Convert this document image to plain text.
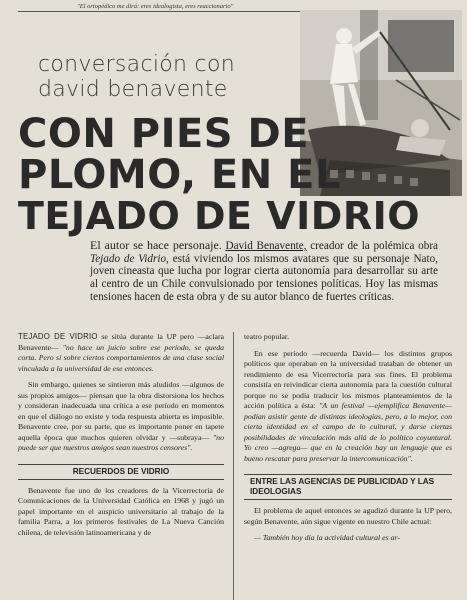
"El ortopédico me dirá: eres idealogista, eres reaccionario"
conversación con
david benavente
CON PIES DE
PLOMO, EN EL
TEJADO DE VIDRIO

El autor se hace personaje. David Benavente, creador de la polémica obra Tejado de Vidrio, está viviendo los mismos avatares que su personaje Nato, joven cineasta que lucha por lograr cierta autonomía para desarrollar su arte al centro de un Chile convulsionado por tensiones políticas. Hoy las mismas tensiones hacen de esta obra y de su autor blanco de fuertes críticas.

TEJADO DE VIDRIO se sitúa durante la UP pero —aclara Benavente— "no hace un juicio sobre ese período, se queda corta. Pero sí sobre ciertos comportamientos de una clase social vinculada a la universidad de ese entonces.

Sin embargo, quienes se sintieron más aludidos —algunos de sus propios amigos— piensan que la obra distorsiona los hechos y consideran inadecuada una crítica a ese período en momentos en que el diálogo no existe y toda respuesta abierta es imposible. Benavente cree, por su parte, que es importante poner en tapete aquella época que muchos quieren olvidar y —subraya— "no puede ser que nuestros amigos sean nuestros censores".

RECUERDOS DE VIDRIO

Benavente fue uno de los creadores de la Vicerrectoría de Comunicaciones de la Universidad Católica en 1968 y jugó un papel importante en el auspicio universitario al trabajo de la familia Parra, a los primeros festivales de La Nueva Canción chilena, de televisión latinoamericana y de

teatro popular.

En ese período —recuerda David— los distintos grupos políticos que operaban en la universidad trataban de obtener un rendimiento de esa Vicerrectoría para sus fines. El problema consistía en reivindicar cierta autonomía para la cuestión cultural porque no se podía traducir los mismos planteamientos de la acción política a ésta: "A un festival —ejemplifica Benavente— podían asistir gente de distintas ideologías, pero, a lo mejor, con cierta identidad en el campo de lo cultural, y darse ciertas posibilidades de vinculación más allá de lo político coyuntural. Yo creo —agrega— que en la creación hay un lenguaje que es bueno rescatar para preservar la intercomunicación".

ENTRE LAS AGENCIAS DE PUBLICIDAD Y LAS IDEOLOGIAS

El problema de aquel entonces se agudizó durante la UP pero, según Benavente, aún sigue vigente en nuestro Chile actual:

— También hoy día la actividad cultural es ar-
